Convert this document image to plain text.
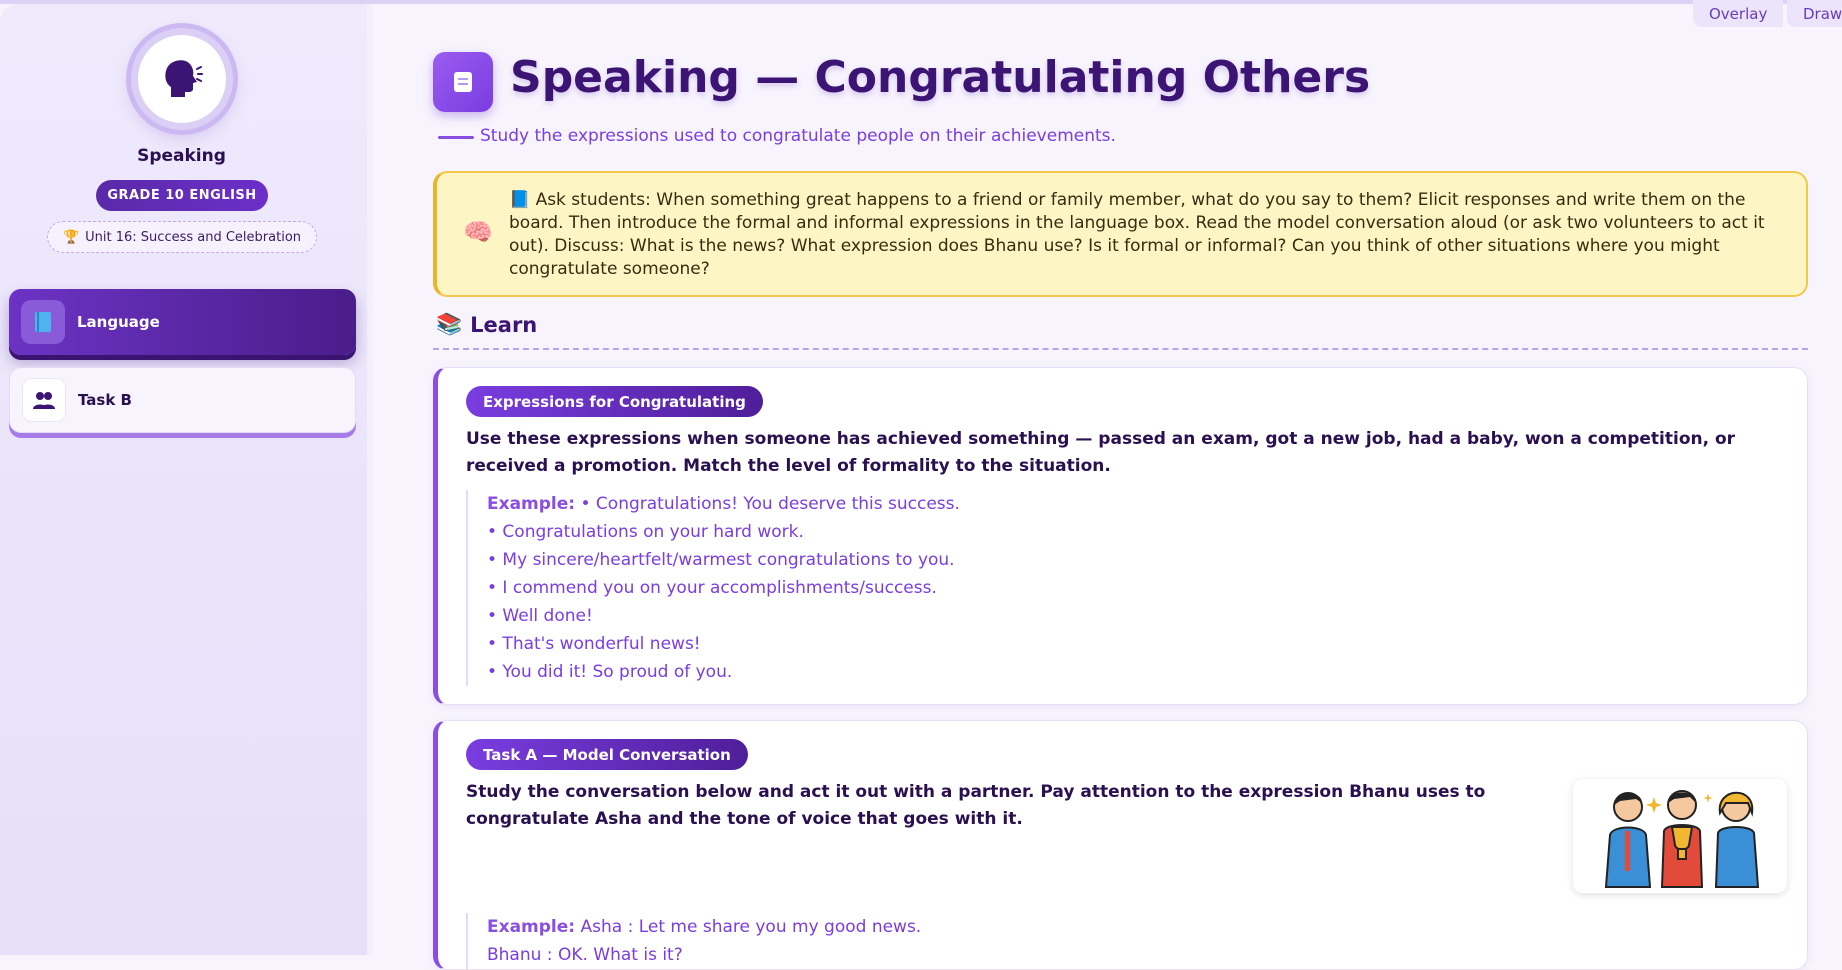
Speaking
GRADE 10 ENGLISH
🏆 Unit 16: Success and Celebration
Language
Task B
Overlay	Draw
Speaking — Congratulating Others
Study the expressions used to congratulate people on their achievements.
🧠
📘 Ask students: When something great happens to a friend or family member, what do you say to them? Elicit responses and write them on the board. Then introduce the formal and informal expressions in the language box. Read the model conversation aloud (or ask two volunteers to act it out). Discuss: What is the news? What expression does Bhanu use? Is it formal or informal? Can you think of other situations where you might congratulate someone?
📚 Learn
Expressions for Congratulating
Use these expressions when someone has achieved something — passed an exam, got a new job, had a baby, won a competition, or received a promotion. Match the level of formality to the situation.
Example: • Congratulations! You deserve this success.
• Congratulations on your hard work.
• My sincere/heartfelt/warmest congratulations to you.
• I commend you on your accomplishments/success.
• Well done!
• That's wonderful news!
• You did it! So proud of you.
Task A — Model Conversation
Study the conversation below and act it out with a partner. Pay attention to the expression Bhanu uses to congratulate Asha and the tone of voice that goes with it.
Example: Asha : Let me share you my good news.
Bhanu : OK. What is it?
